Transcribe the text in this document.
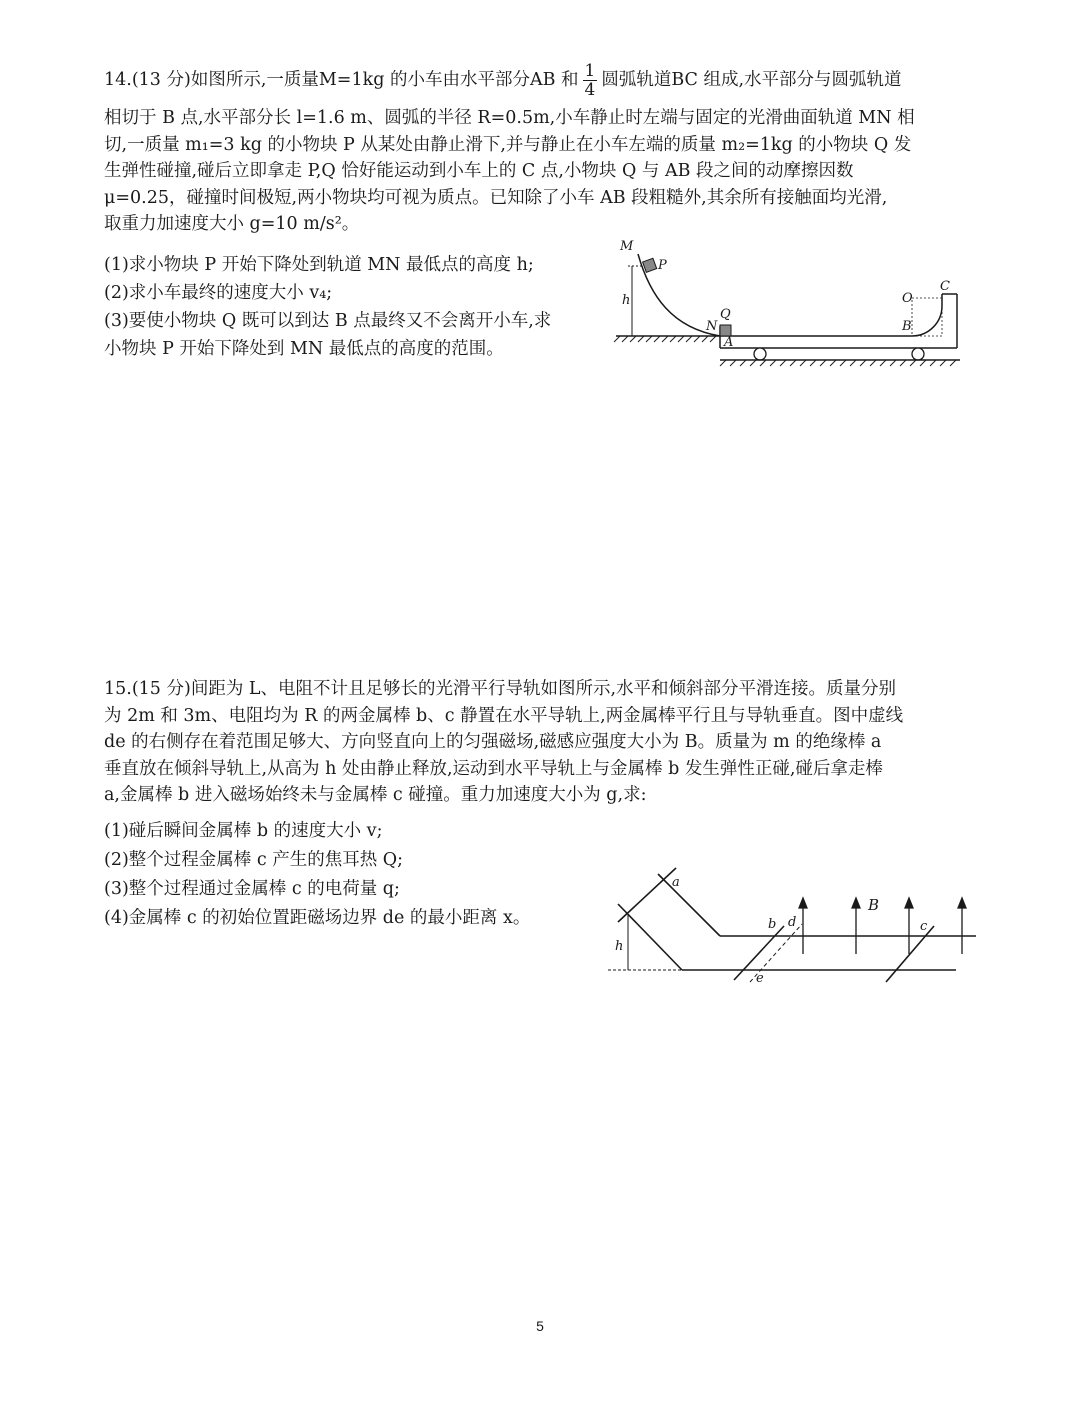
14.(13 分)如图所示,一质量M=1kg 的小车由水平部分AB 和 $\frac{1}{4}$ 圆弧轨道BC 组成,水平部分与圆弧轨道
相切于 B 点,水平部分长 l=1.6 m、圆弧的半径 R=0.5m,小车静止时左端与固定的光滑曲面轨道 MN 相
切,一质量 m₁=3 kg 的小物块 P 从某处由静止滑下,并与静止在小车左端的质量 m₂=1kg 的小物块 Q 发
生弹性碰撞,碰后立即拿走 P,Q 恰好能运动到小车上的 C 点,小物块 Q 与 AB 段之间的动摩擦因数
μ=0.25，碰撞时间极短,两小物块均可视为质点。已知除了小车 AB 段粗糙外,其余所有接触面均光滑,
取重力加速度大小 g=10 m/s²。
(1)求小物块 P 开始下降处到轨道 MN 最低点的高度 h;
(2)求小车最终的速度大小 v₄;
(3)要使小物块 Q 既可以到达 B 点最终又不会离开小车,求
小物块 P 开始下降处到 MN 最低点的高度的范围。
M
P
h
N
Q
A
O
C
B
15.(15 分)间距为 L、电阻不计且足够长的光滑平行导轨如图所示,水平和倾斜部分平滑连接。质量分别
为 2m 和 3m、电阻均为 R 的两金属棒 b、c 静置在水平导轨上,两金属棒平行且与导轨垂直。图中虚线
de 的右侧存在着范围足够大、方向竖直向上的匀强磁场,磁感应强度大小为 B。质量为 m 的绝缘棒 a
垂直放在倾斜导轨上,从高为 h 处由静止释放,运动到水平导轨上与金属棒 b 发生弹性正碰,碰后拿走棒
a,金属棒 b 进入磁场始终未与金属棒 c 碰撞。重力加速度大小为 g,求:
(1)碰后瞬间金属棒 b 的速度大小 v;
(2)整个过程金属棒 c 产生的焦耳热 Q;
(3)整个过程通过金属棒 c 的电荷量 q;
(4)金属棒 c 的初始位置距磁场边界 de 的最小距离 x。
a
h
b d
e
B
c
5
